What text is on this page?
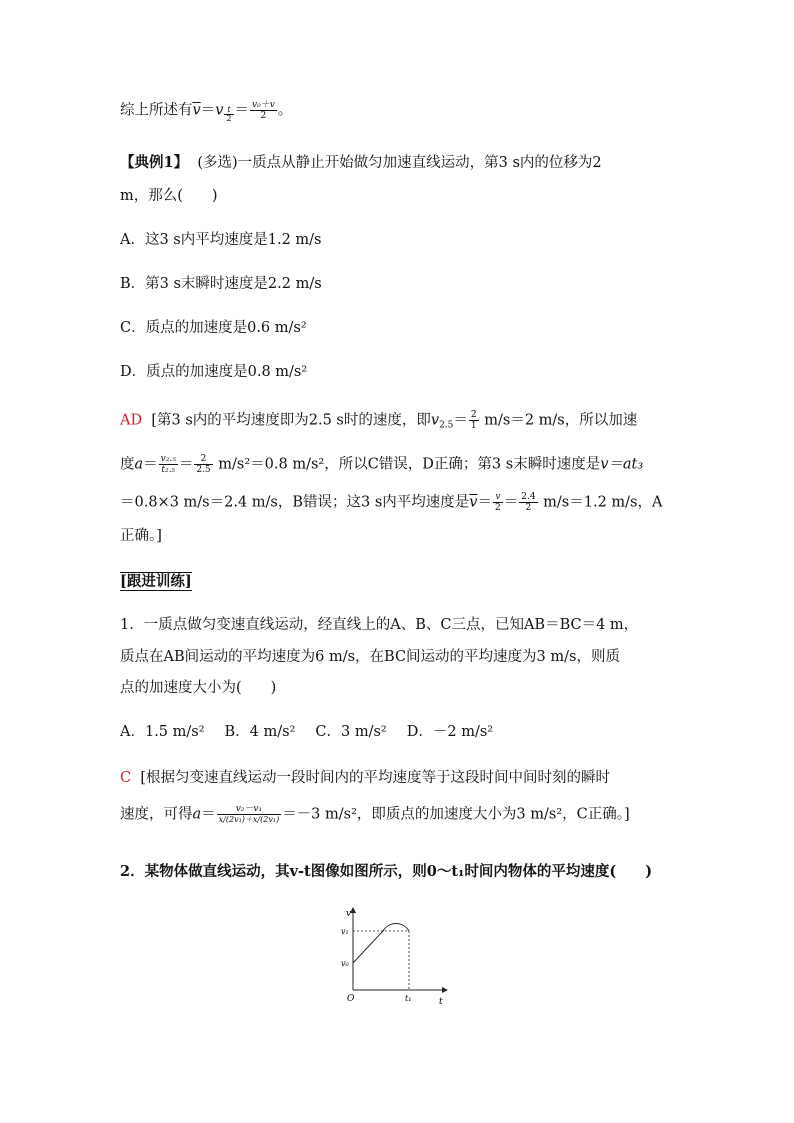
综上所述有$\overline{v}=v \frac{t}{2} = \frac{\text{v₀＋v}}{2}$ 。
【典例1】 (多选)一质点从静止开始做匀加速直线运动，第3 s内的位移为2
m，那么(　　)
A．这3 s内平均速度是1.2 m/s
B．第3 s末瞬时速度是2.2 m/s
C．质点的加速度是0.6 m/s²
D．质点的加速度是0.8 m/s²
AD [第3 s内的平均速度即为2.5 s时的速度，即$v_{2.5}= \frac{2}{1} m/s=2$ m/s，所以加速
度$a= \frac{\text{v₂.₅}}{\text{t₂.₅}} = \frac{2}{2.5} m/s^2=0.8$ m/s²，所以C错误，D正确；第3 s末瞬时速度是v＝at₃
＝0.8×3 m/s＝2.4 m/s，B错误；这3 s内平均速度是$\overline{v}= \frac{v}{2} = \frac{2.4}{2} m/s=1.2$ m/s，A
正确。]
[跟进训练]
1．一质点做匀变速直线运动，经直线上的A、B、C三点，已知AB＝BC＝4 m，
质点在AB间运动的平均速度为6 m/s，在BC间运动的平均速度为3 m/s，则质
点的加速度大小为(　　)
A．1.5 m/s² B．4 m/s² C．3 m/s² D．－2 m/s²
C [根据匀变速直线运动一段时间内的平均速度等于这段时间中间时刻的瞬时
速度，可得$a= \frac{\text{v₂－v₁}}{\text{x/(2v₁)＋x/(2v₁)}} =-3$ m/s²，即质点的加速度大小为3 m/s²，C正确。]
2．某物体做直线运动，其v-t图像如图所示，则0～t₁时间内物体的平均速度(　　)
v
t
O
v₁
v₀
t₁
